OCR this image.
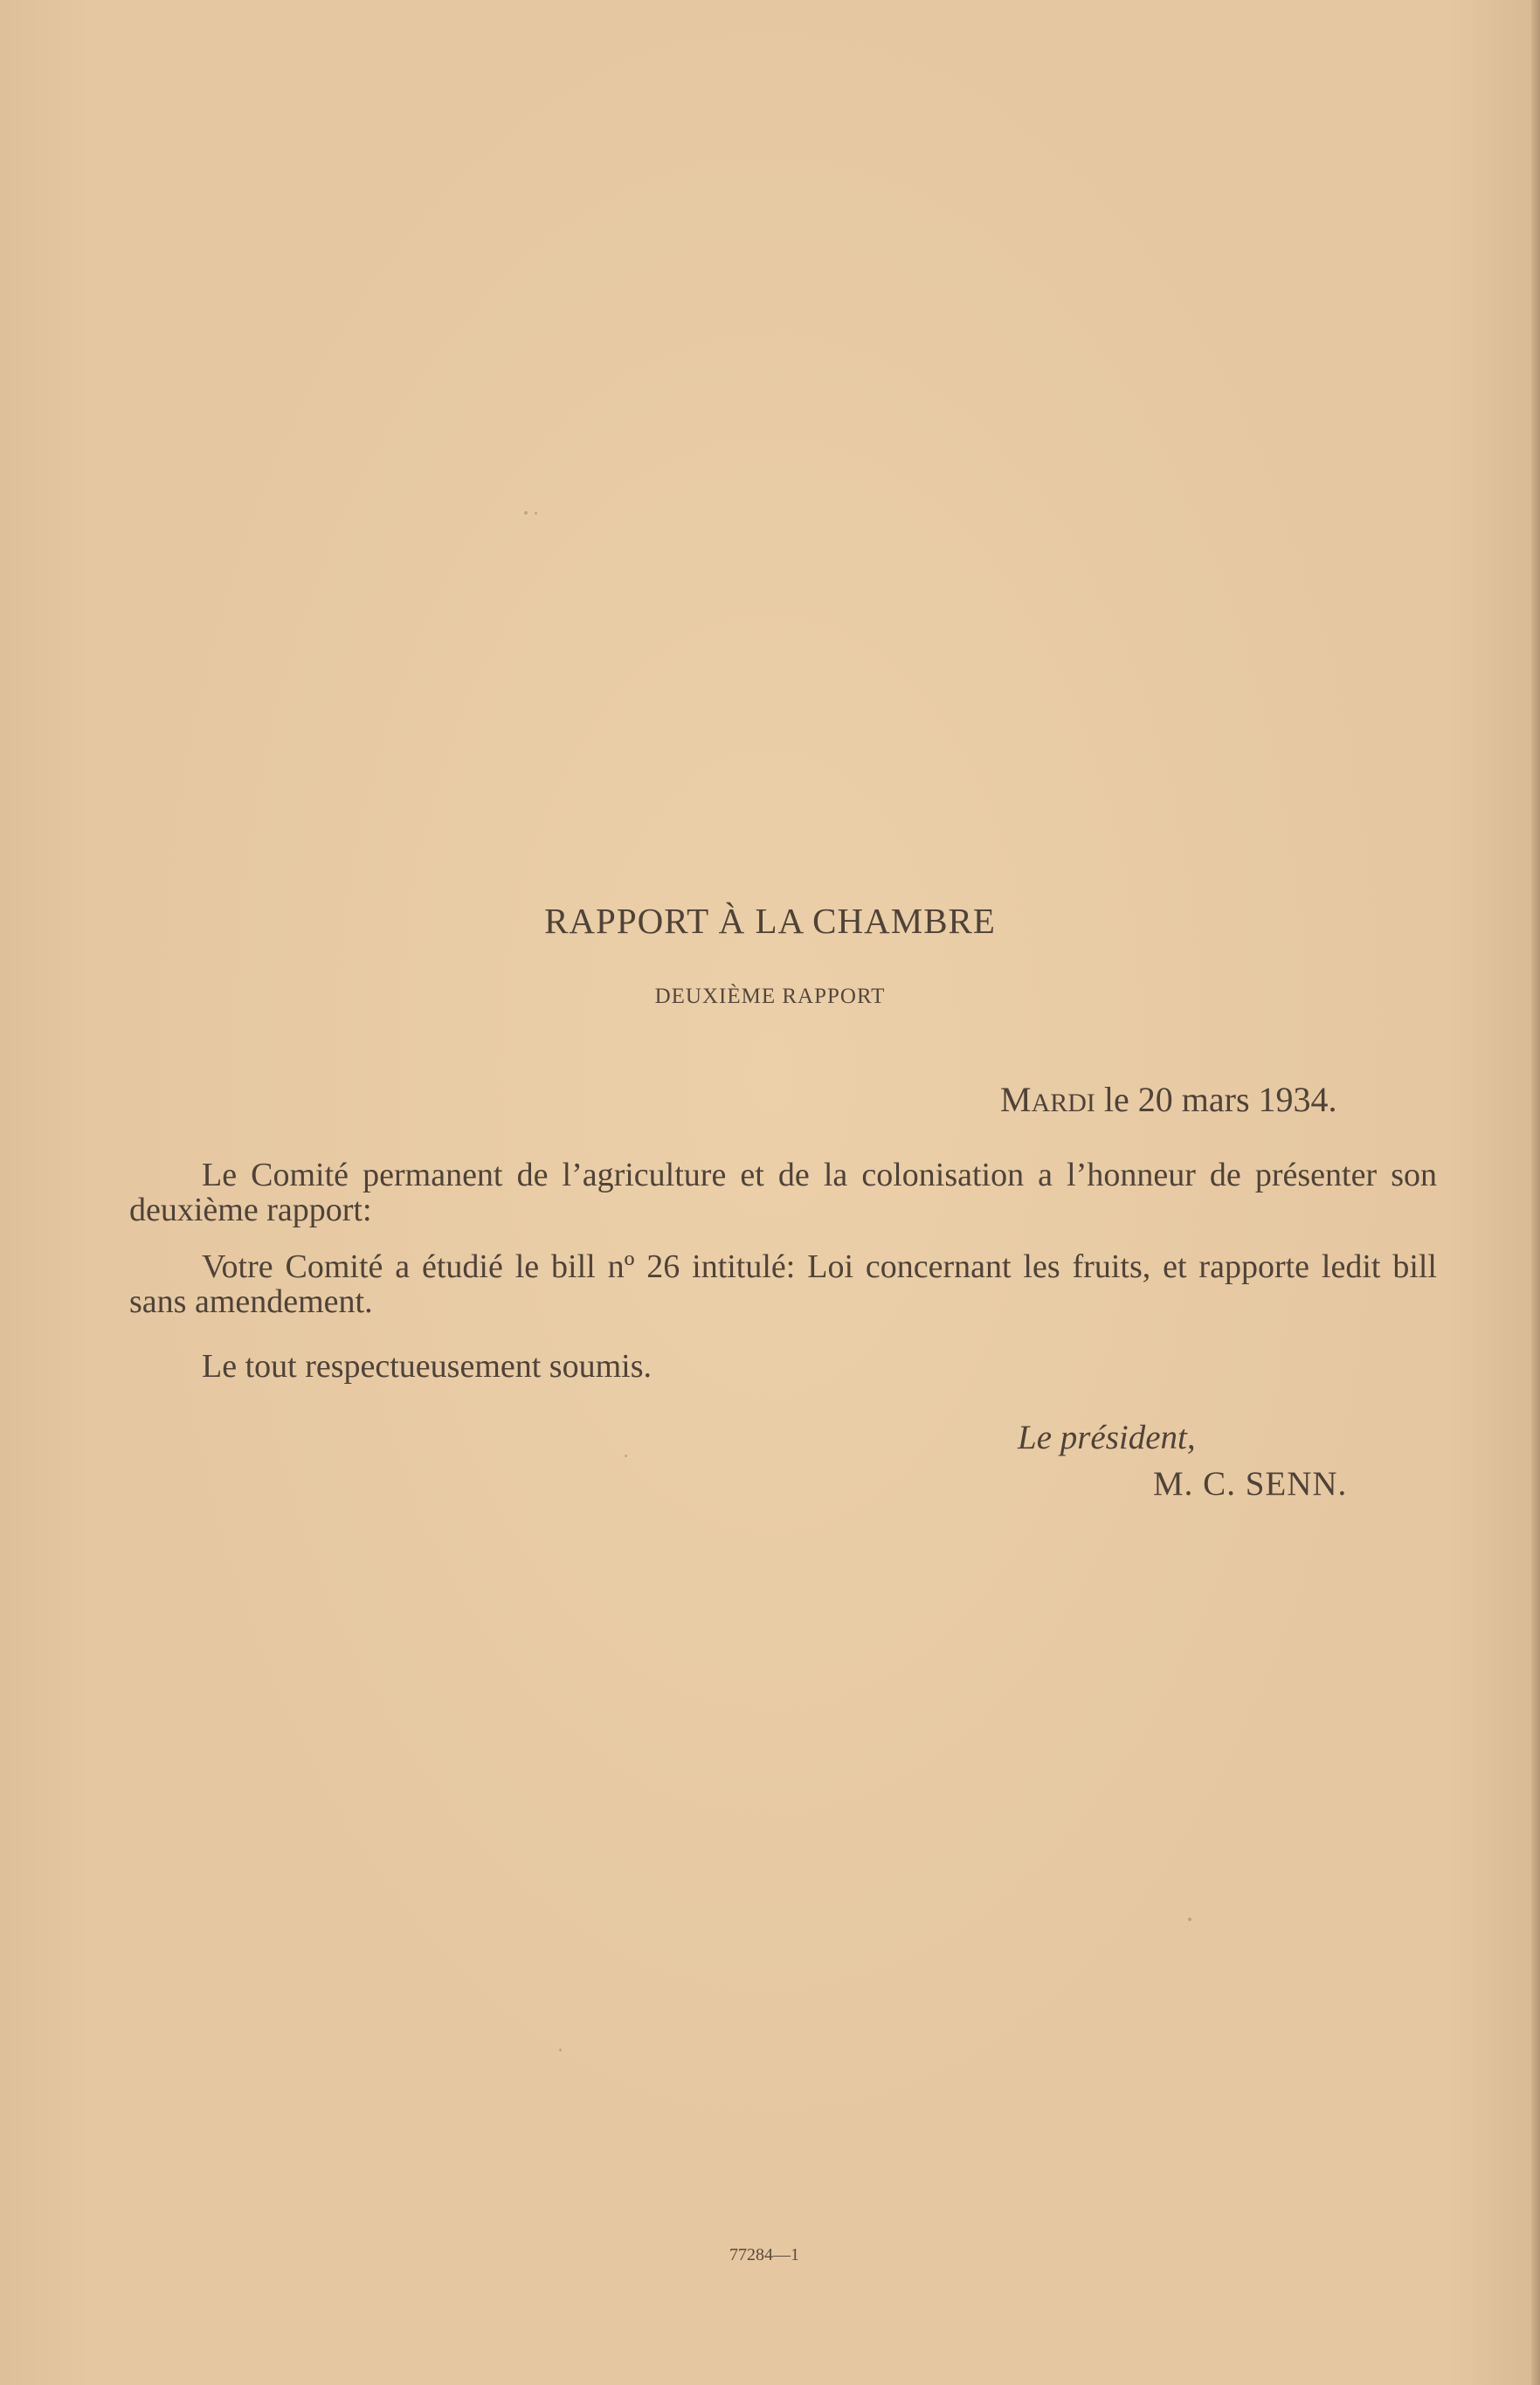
RAPPORT À LA CHAMBRE
DEUXIÈME RAPPORT
MARDI le 20 mars 1934.
Le Comité permanent de l’agriculture et de la colonisation a l’honneur de présenter son deuxième rapport:
Votre Comité a étudié le bill nº 26 intitulé: Loi concernant les fruits, et rapporte ledit bill sans amendement.
Le tout respectueusement soumis.
Le président,
M. C. SENN.
77284—1
